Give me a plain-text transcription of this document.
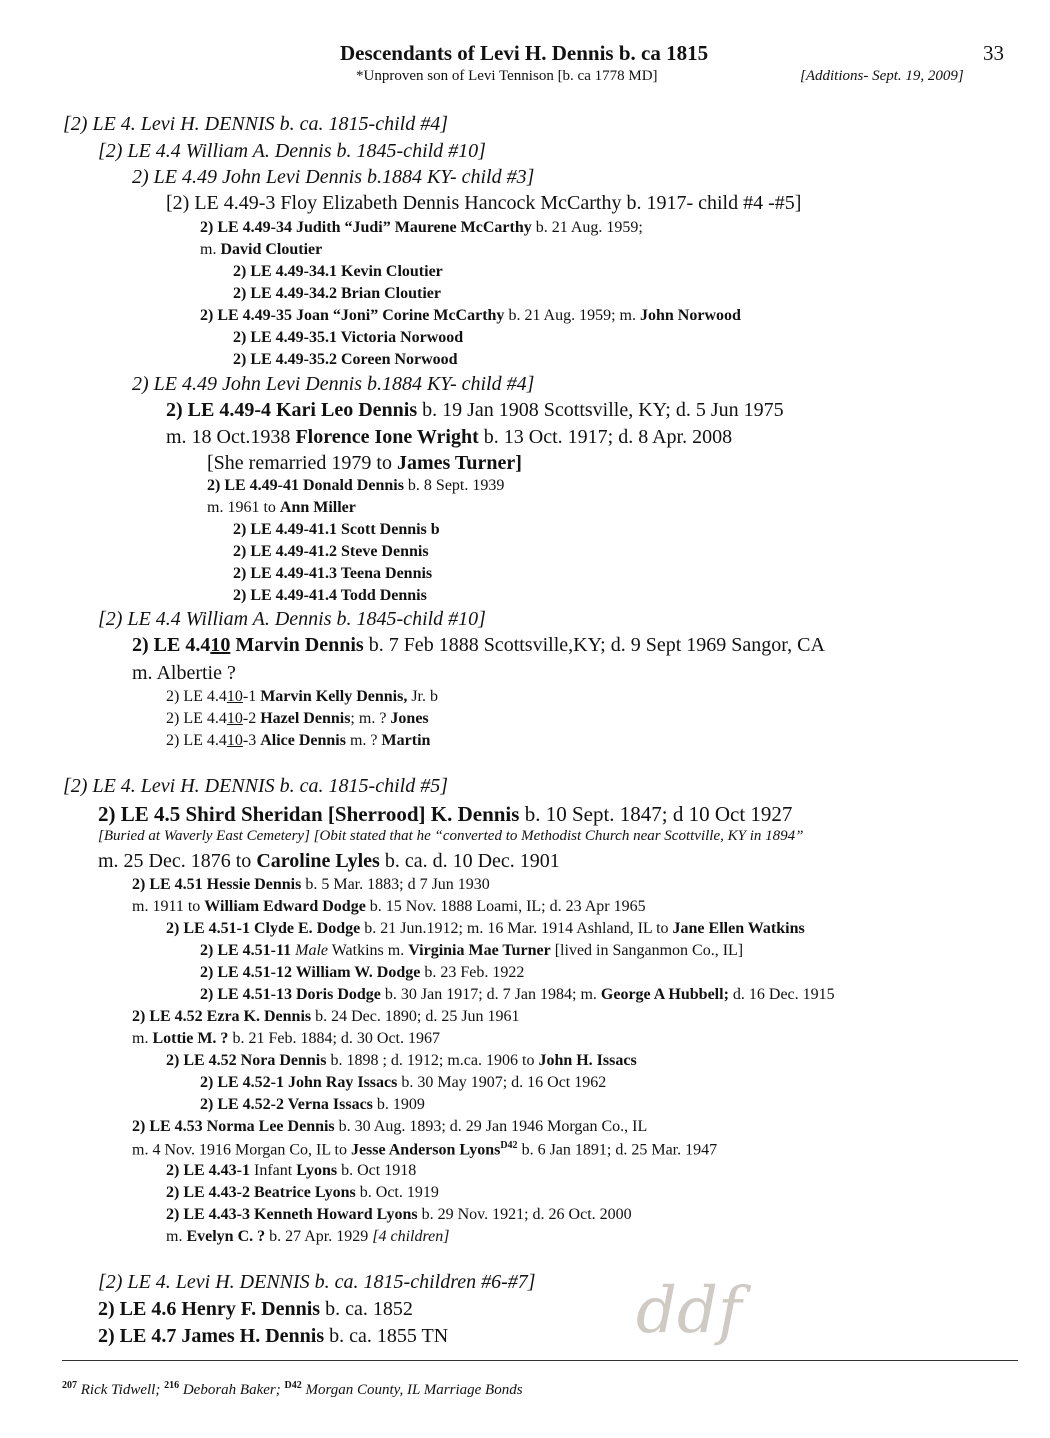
Descendants of Levi H. Dennis b. ca 1815
*Unproven son of Levi Tennison [b. ca 1778 MD]
33
[Additions- Sept. 19, 2009]
[2) LE 4. Levi H. DENNIS b. ca. 1815-child #4]
[2) LE 4.4 William A. Dennis b. 1845-child #10]
2) LE 4.49 John Levi Dennis b.1884 KY- child #3]
[2) LE 4.49-3 Floy Elizabeth Dennis Hancock McCarthy b. 1917- child #4 -#5]
2) LE 4.49-34 Judith “Judi” Maurene McCarthy b. 21 Aug. 1959;
m. David Cloutier
2) LE 4.49-34.1 Kevin Cloutier
2) LE 4.49-34.2 Brian Cloutier
2) LE 4.49-35 Joan “Joni” Corine McCarthy b. 21 Aug. 1959; m. John Norwood
2) LE 4.49-35.1 Victoria Norwood
2) LE 4.49-35.2 Coreen Norwood
2) LE 4.49 John Levi Dennis b.1884 KY- child #4]
2) LE 4.49-4 Kari Leo Dennis b. 19 Jan 1908 Scottsville, KY; d. 5 Jun 1975
m. 18 Oct.1938 Florence Ione Wright b. 13 Oct. 1917; d. 8 Apr. 2008
[She remarried 1979 to James Turner]
2) LE 4.49-41 Donald Dennis b. 8 Sept. 1939
m. 1961 to Ann Miller
2) LE 4.49-41.1 Scott Dennis b
2) LE 4.49-41.2 Steve Dennis
2) LE 4.49-41.3 Teena Dennis
2) LE 4.49-41.4 Todd Dennis
[2) LE 4.4 William A. Dennis b. 1845-child #10]
2) LE 4.410 Marvin Dennis b. 7 Feb 1888 Scottsville,KY; d. 9 Sept 1969 Sangor, CA
m. Albertie ?
2) LE 4.410-1 Marvin Kelly Dennis, Jr. b
2) LE 4.410-2 Hazel Dennis; m. ? Jones
2) LE 4.410-3 Alice Dennis m. ? Martin
[2) LE 4. Levi H. DENNIS b. ca. 1815-child #5]
2) LE 4.5 Shird Sheridan [Sherrood] K. Dennis b. 10 Sept. 1847; d 10 Oct 1927
[Buried at Waverly East Cemetery] [Obit stated that he “converted to Methodist Church near Scottville, KY in 1894”
m. 25 Dec. 1876 to Caroline Lyles b. ca. d. 10 Dec. 1901
2) LE 4.51 Hessie Dennis b. 5 Mar. 1883; d 7 Jun 1930
m. 1911 to William Edward Dodge b. 15 Nov. 1888 Loami, IL; d. 23 Apr 1965
2) LE 4.51-1 Clyde E. Dodge b. 21 Jun.1912; m. 16 Mar. 1914 Ashland, IL to Jane Ellen Watkins
2) LE 4.51-11 Male Watkins m. Virginia Mae Turner [lived in Sanganmon Co., IL]
2) LE 4.51-12 William W. Dodge b. 23 Feb. 1922
2) LE 4.51-13 Doris Dodge b. 30 Jan 1917; d. 7 Jan 1984; m. George A Hubbell; d. 16 Dec. 1915
2) LE 4.52 Ezra K. Dennis b. 24 Dec. 1890; d. 25 Jun 1961
m. Lottie M. ? b. 21 Feb. 1884; d. 30 Oct. 1967
2) LE 4.52 Nora Dennis b. 1898 ; d. 1912; m.ca. 1906 to John H. Issacs
2) LE 4.52-1 John Ray Issacs b. 30 May 1907; d. 16 Oct 1962
2) LE 4.52-2 Verna Issacs b. 1909
2) LE 4.53 Norma Lee Dennis b. 30 Aug. 1893; d. 29 Jan 1946 Morgan Co., IL
m. 4 Nov. 1916 Morgan Co, IL to Jesse Anderson Lyons$^{D42}$ b. 6 Jan 1891; d. 25 Mar. 1947
2) LE 4.43-1 Infant Lyons b. Oct 1918
2) LE 4.43-2 Beatrice Lyons b. Oct. 1919
2) LE 4.43-3 Kenneth Howard Lyons b. 29 Nov. 1921; d. 26 Oct. 2000
m. Evelyn C. ? b. 27 Apr. 1929 [4 children]
[2) LE 4. Levi H. DENNIS b. ca. 1815-children #6-#7]
2) LE 4.6 Henry F. Dennis b. ca. 1852
2) LE 4.7 James H. Dennis b. ca. 1855 TN	ddf
$^{207}$ Rick Tidwell; $^{216}$ Deborah Baker; $^{D42}$ Morgan County, IL Marriage Bonds
